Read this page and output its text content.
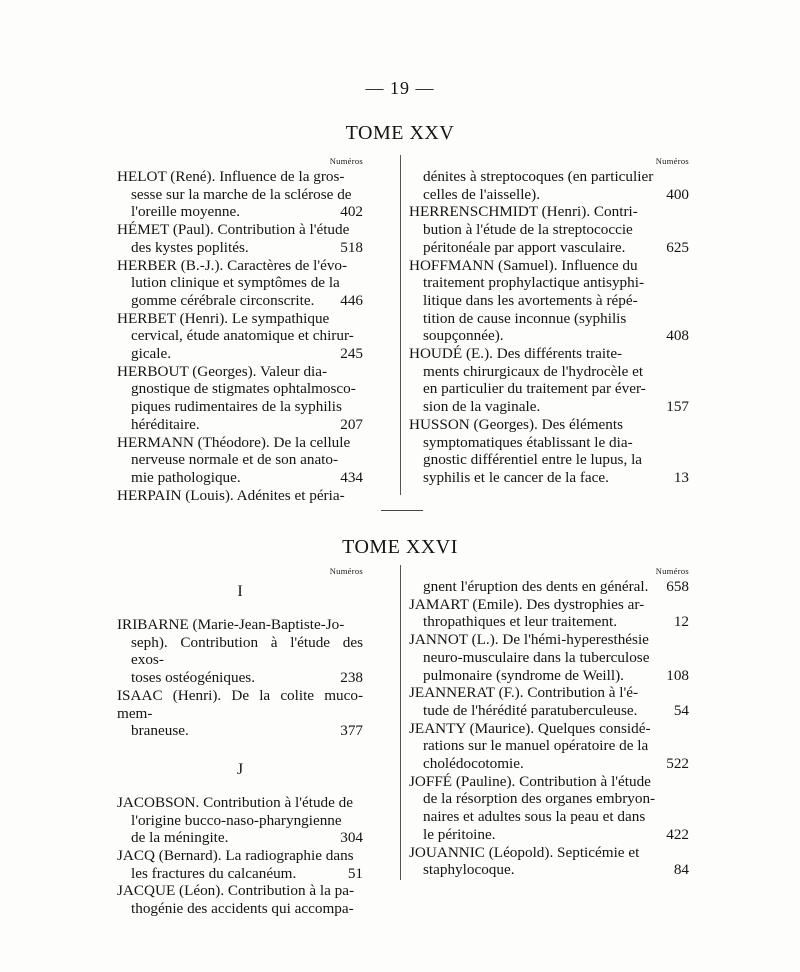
— 19 —
TOME XXV
Numéros
HELOT (René). Influence de la gros-
sesse sur la marche de la sclérose de
l'oreille moyenne.	402
HÉMET (Paul). Contribution à l'étude
des kystes poplités.	518
HERBER (B.-J.). Caractères de l'évo-
lution clinique et symptômes de la
gomme cérébrale circonscrite.	446
HERBET (Henri). Le sympathique
cervical, étude anatomique et chirur-
gicale.	245
HERBOUT (Georges). Valeur dia-
gnostique de stigmates ophtalmosco-
piques rudimentaires de la syphilis
héréditaire.	207
HERMANN (Théodore). De la cellule
nerveuse normale et de son anato-
mie pathologique.	434
HERPAIN (Louis). Adénites et péria-
Numéros
dénites à streptocoques (en particulier
celles de l'aisselle).	400
HERRENSCHMIDT (Henri). Contri-
bution à l'étude de la streptococcie
péritonéale par apport vasculaire.	625
HOFFMANN (Samuel). Influence du
traitement prophylactique antisyphi-
litique dans les avortements à répé-
tition de cause inconnue (syphilis
soupçonnée).	408
HOUDÉ (E.). Des différents traite-
ments chirurgicaux de l'hydrocèle et
en particulier du traitement par éver-
sion de la vaginale.	157
HUSSON (Georges). Des éléments
symptomatiques établissant le dia-
gnostic différentiel entre le lupus, la
syphilis et le cancer de la face.	13
TOME XXVI
Numéros
I
IRIBARNE (Marie-Jean-Baptiste-Jo-
seph). Contribution à l'étude des exos-
toses ostéogéniques.	238
ISAAC (Henri). De la colite muco-mem-
braneuse.	377
J
JACOBSON. Contribution à l'étude de
l'origine bucco-naso-pharyngienne
de la méningite.	304
JACQ (Bernard). La radiographie dans
les fractures du calcanéum.	51
JACQUE (Léon). Contribution à la pa-
thogénie des accidents qui accompa-
Numéros
gnent l'éruption des dents en général.	658
JAMART (Emile). Des dystrophies ar-
thropathiques et leur traitement.	12
JANNOT (L.). De l'hémi-hyperesthésie
neuro-musculaire dans la tuberculose
pulmonaire (syndrome de Weill).	108
JEANNERAT (F.). Contribution à l'é-
tude de l'hérédité paratuberculeuse.	54
JEANTY (Maurice). Quelques considé-
rations sur le manuel opératoire de la
cholédocotomie.	522
JOFFÉ (Pauline). Contribution à l'étude
de la résorption des organes embryon-
naires et adultes sous la peau et dans
le péritoine.	422
JOUANNIC (Léopold). Septicémie et
staphylocoque.	84
